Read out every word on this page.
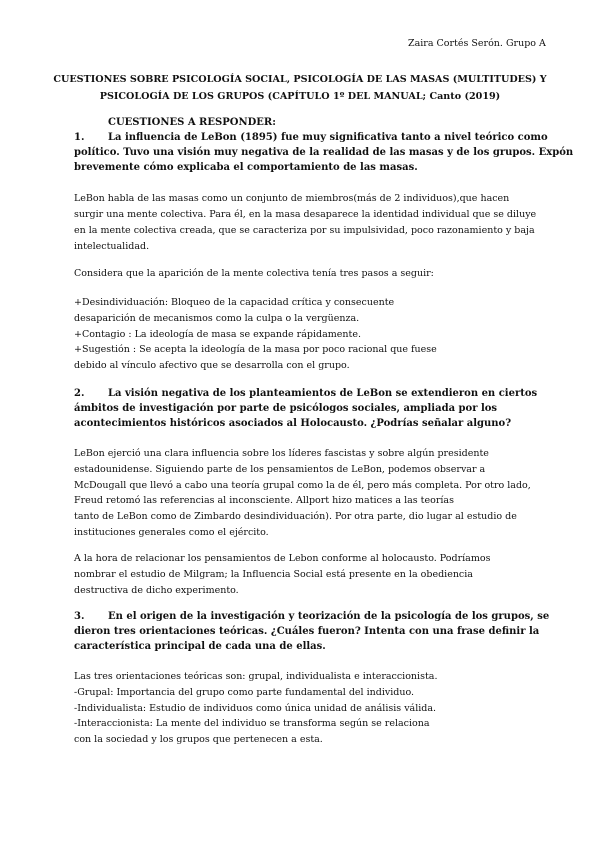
Zaira Cortés Serón. Grupo A
CUESTIONES SOBRE PSICOLOGÍA SOCIAL, PSICOLOGÍA DE LAS MASAS (MULTITUDES) Y
PSICOLOGÍA DE LOS GRUPOS (CAPÍTULO 1º DEL MANUAL; Canto (2019)
CUESTIONES A RESPONDER:
1. La influencia de LeBon (1895) fue muy significativa tanto a nivel teórico como
político. Tuvo una visión muy negativa de la realidad de las masas y de los grupos. Expón
brevemente cómo explicaba el comportamiento de las masas.
LeBon habla de las masas como un conjunto de miembros(más de 2 individuos),que hacen
surgir una mente colectiva. Para él, en la masa desaparece la identidad individual que se diluye
en la mente colectiva creada, que se caracteriza por su impulsividad, poco razonamiento y baja
intelectualidad.
Considera que la aparición de la mente colectiva tenía tres pasos a seguir:
+Desindividuación: Bloqueo de la capacidad crítica y consecuente
desaparición de mecanismos como la culpa o la vergüenza.
+Contagio : La ideología de masa se expande rápidamente.
+Sugestión : Se acepta la ideología de la masa por poco racional que fuese
debido al vínculo afectivo que se desarrolla con el grupo.
2. La visión negativa de los planteamientos de LeBon se extendieron en ciertos
ámbitos de investigación por parte de psicólogos sociales, ampliada por los
acontecimientos históricos asociados al Holocausto. ¿Podrías señalar alguno?
LeBon ejerció una clara influencia sobre los líderes fascistas y sobre algún presidente
estadounidense. Siguiendo parte de los pensamientos de LeBon, podemos observar a
McDougall que llevó a cabo una teoría grupal como la de él, pero más completa. Por otro lado,
Freud retomó las referencias al inconsciente. Allport hizo matices a las teorías
tanto de LeBon como de Zimbardo desindividuación). Por otra parte, dio lugar al estudio de
instituciones generales como el ejército.
A la hora de relacionar los pensamientos de Lebon conforme al holocausto. Podríamos
nombrar el estudio de Milgram; la Influencia Social está presente en la obediencia
destructiva de dicho experimento.
3. En el origen de la investigación y teorización de la psicología de los grupos, se
dieron tres orientaciones teóricas. ¿Cuáles fueron? Intenta con una frase definir la
característica principal de cada una de ellas.
Las tres orientaciones teóricas son: grupal, individualista e interaccionista.
-Grupal: Importancia del grupo como parte fundamental del individuo.
-Individualista: Estudio de individuos como única unidad de análisis válida.
-Interaccionista: La mente del individuo se transforma según se relaciona
con la sociedad y los grupos que pertenecen a esta.
